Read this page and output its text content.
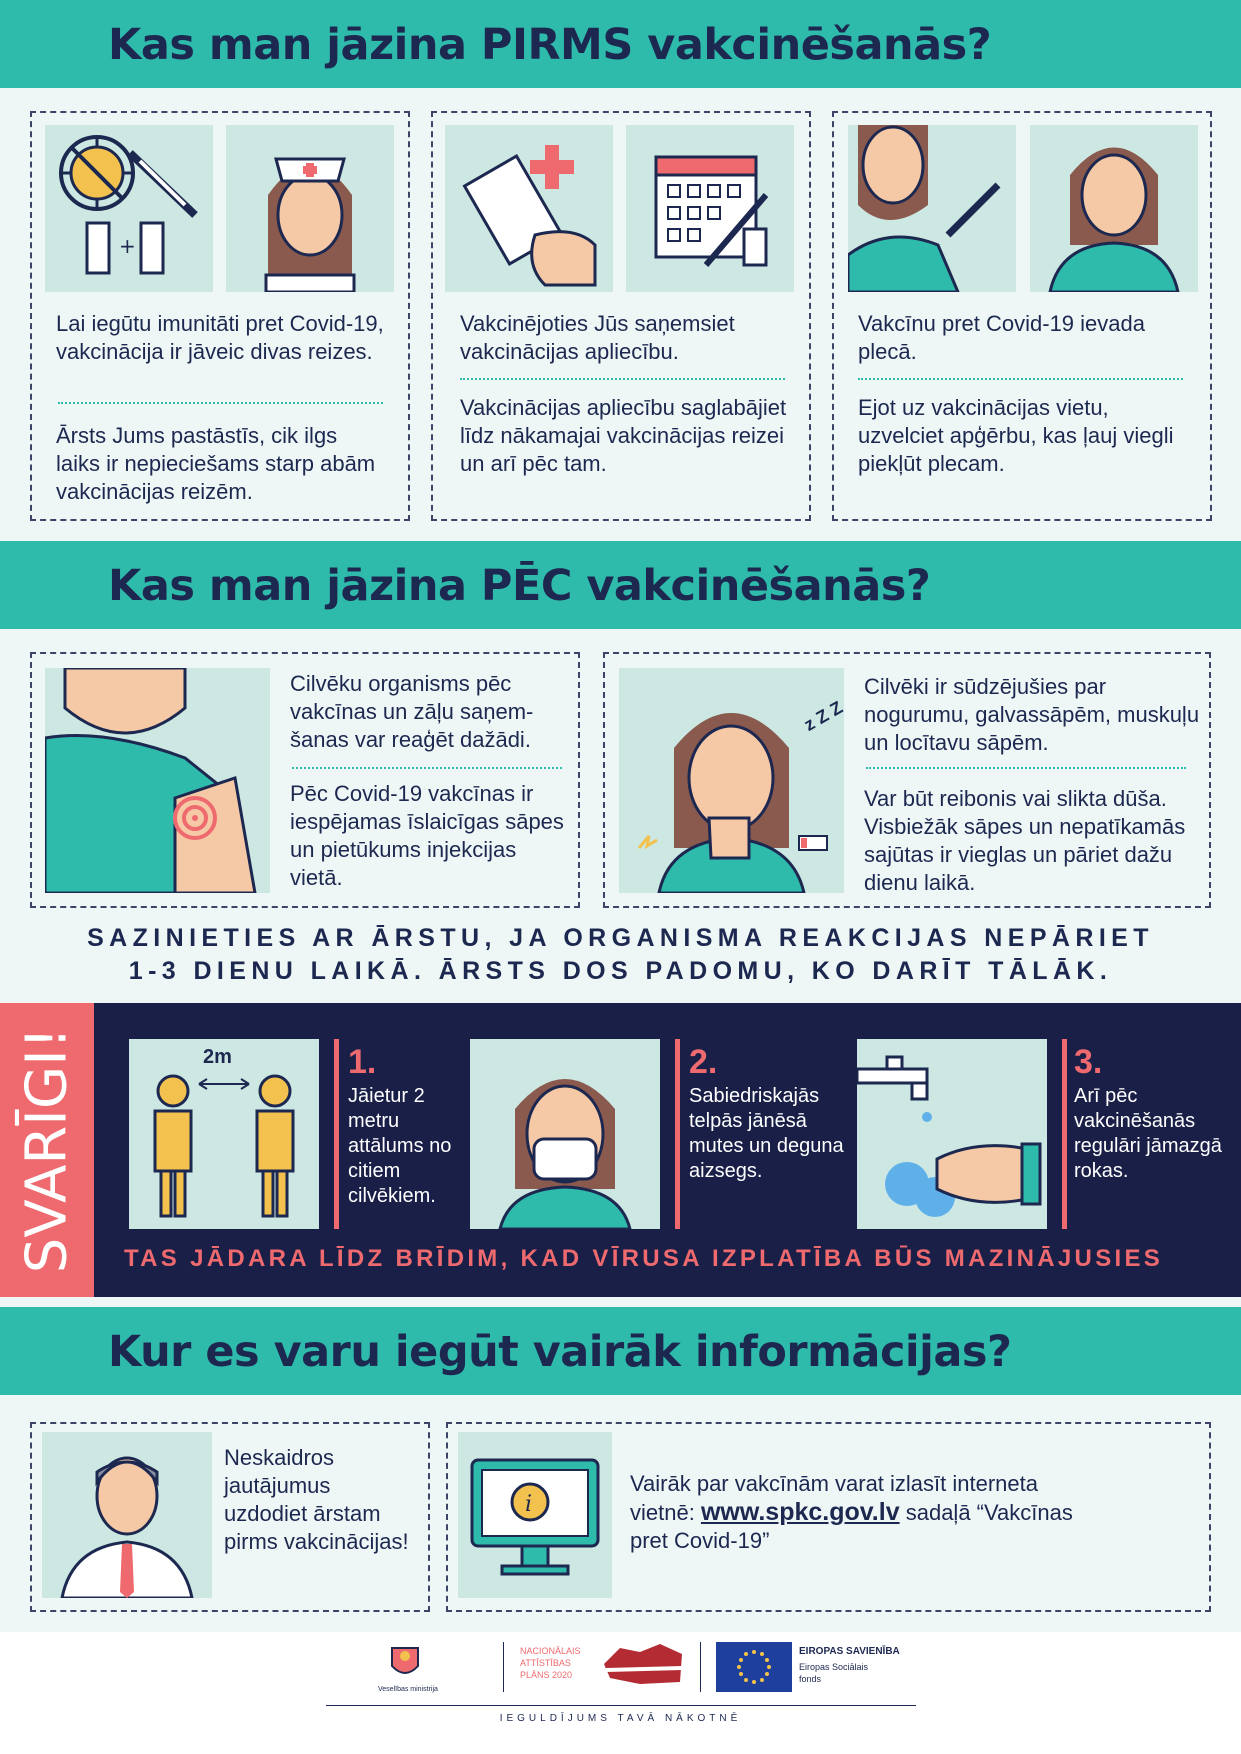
Kas man jāzina PIRMS vakcinēšanās?
+
Lai iegūtu imunitāti pret Covid-19, vakcinācija ir jāveic divas reizes.
Ārsts Jums pastāstīs, cik ilgs laiks ir nepieciešams starp abām vakcinācijas reizēm.
Vakcinējoties Jūs saņemsiet vakcinācijas apliecību.
Vakcinācijas apliecību saglabājiet līdz nākamajai vakcinācijas reizei un arī pēc tam.
Vakcīnu pret Covid-19 ievada plecā.
Ejot uz vakcinācijas vietu, uzvelciet apģērbu, kas ļauj viegli piekļūt plecam.
Kas man jāzina PĒC vakcinēšanās?
Cilvēku organisms pēc vakcīnas un zāļu saņem-šanas var reaģēt dažādi.
Pēc Covid-19 vakcīnas ir iespējamas īslaicīgas sāpes un pietūkums injekcijas vietā.
z Z Z
Cilvēki ir sūdzējušies par nogurumu, galvassāpēm, muskuļu un locītavu sāpēm.
Var būt reibonis vai slikta dūša. Visbiežāk sāpes un nepatīkamās sajūtas ir vieglas un pāriet dažu dienu laikā.
SAZINIETIES AR ĀRSTU, JA ORGANISMA REAKCIJAS NEPĀRIET
1-3 DIENU LAIKĀ. ĀRSTS DOS PADOMU, KO DARĪT TĀLĀK.
SVARĪGI!	2m	1.
Jāietur 2 metru attālums no citiem cilvēkiem.
2.
Sabiedriskajās telpās jānēsā mutes un deguna aizsegs.
3.
Arī pēc vakcinēšanās regulāri jāmazgā rokas.
TAS JĀDARA LĪDZ BRĪDIM, KAD VĪRUSA IZPLATĪBA BŪS MAZINĀJUSIES
Kur es varu iegūt vairāk informācijas?
Neskaidros jautājumus uzdodiet ārstam pirms vakcinācijas!
i
Vairāk par vakcīnām varat izlasīt interneta vietnē: www.spkc.gov.lv sadaļā “Vakcīnas pret Covid-19”
Veselības ministrija
NACIONĀLAIS
ATTĪSTĪBAS
PLĀNS 2020
EIROPAS SAVIENĪBA
Eiropas Sociālais
fonds
IEGULDĪJUMS TAVĀ NĀKOTNĒ
